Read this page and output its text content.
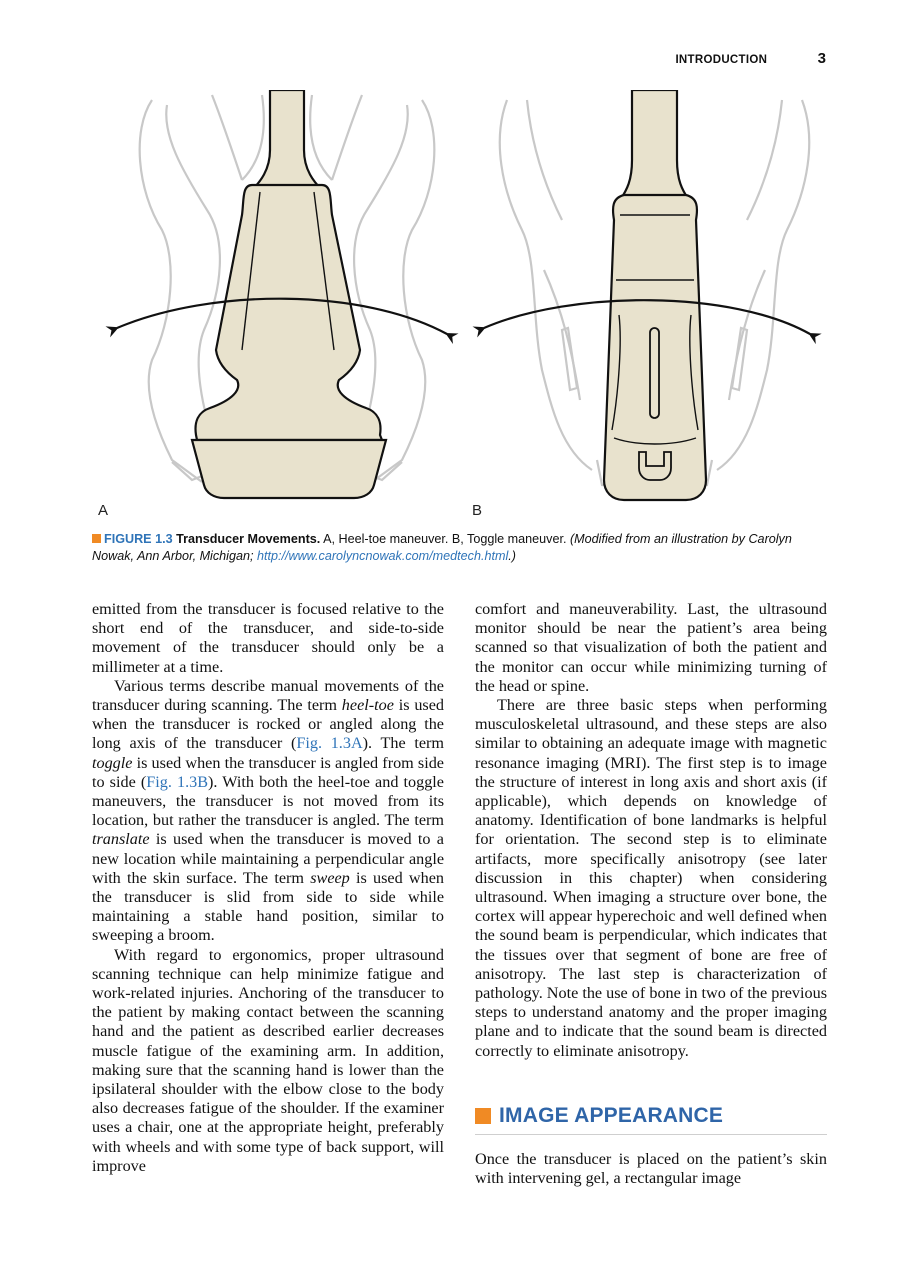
INTRODUCTION	3
A	B
FIGURE 1.3 Transducer Movements. A, Heel-toe maneuver. B, Toggle maneuver. (Modified from an illustration by Carolyn Nowak, Ann Arbor, Michigan; http://www.carolyncnowak.com/medtech.html.)

emitted from the transducer is focused relative to the short end of the transducer, and side-to-side movement of the transducer should only be a millimeter at a time.

Various terms describe manual movements of the transducer during scanning. The term heel-toe is used when the transducer is rocked or angled along the long axis of the transducer (Fig. 1.3A). The term toggle is used when the transducer is angled from side to side (Fig. 1.3B). With both the heel-toe and toggle maneuvers, the transducer is not moved from its location, but rather the transducer is angled. The term translate is used when the transducer is moved to a new location while maintaining a perpendicular angle with the skin surface. The term sweep is used when the transducer is slid from side to side while maintaining a stable hand position, similar to sweeping a broom.

With regard to ergonomics, proper ultrasound scanning technique can help minimize fatigue and work-related injuries. Anchoring of the transducer to the patient by making contact between the scanning hand and the patient as described earlier decreases muscle fatigue of the examining arm. In addition, making sure that the scanning hand is lower than the ipsilateral shoulder with the elbow close to the body also decreases fatigue of the shoulder. If the examiner uses a chair, one at the appropriate height, preferably with wheels and with some type of back support, will improve

comfort and maneuverability. Last, the ultrasound monitor should be near the patient’s area being scanned so that visualization of both the patient and the monitor can occur while minimizing turning of the head or spine.

There are three basic steps when performing musculoskeletal ultrasound, and these steps are also similar to obtaining an adequate image with magnetic resonance imaging (MRI). The first step is to image the structure of interest in long axis and short axis (if applicable), which depends on knowledge of anatomy. Identification of bone landmarks is helpful for orientation. The second step is to eliminate artifacts, more specifically anisotropy (see later discussion in this chapter) when considering ultrasound. When imaging a structure over bone, the cortex will appear hyperechoic and well defined when the sound beam is perpendicular, which indicates that the tissues over that segment of bone are free of anisotropy. The last step is characterization of pathology. Note the use of bone in two of the previous steps to understand anatomy and the proper imaging plane and to indicate that the sound beam is directed correctly to eliminate anisotropy.

IMAGE APPEARANCE

Once the transducer is placed on the patient’s skin with intervening gel, a rectangular image
